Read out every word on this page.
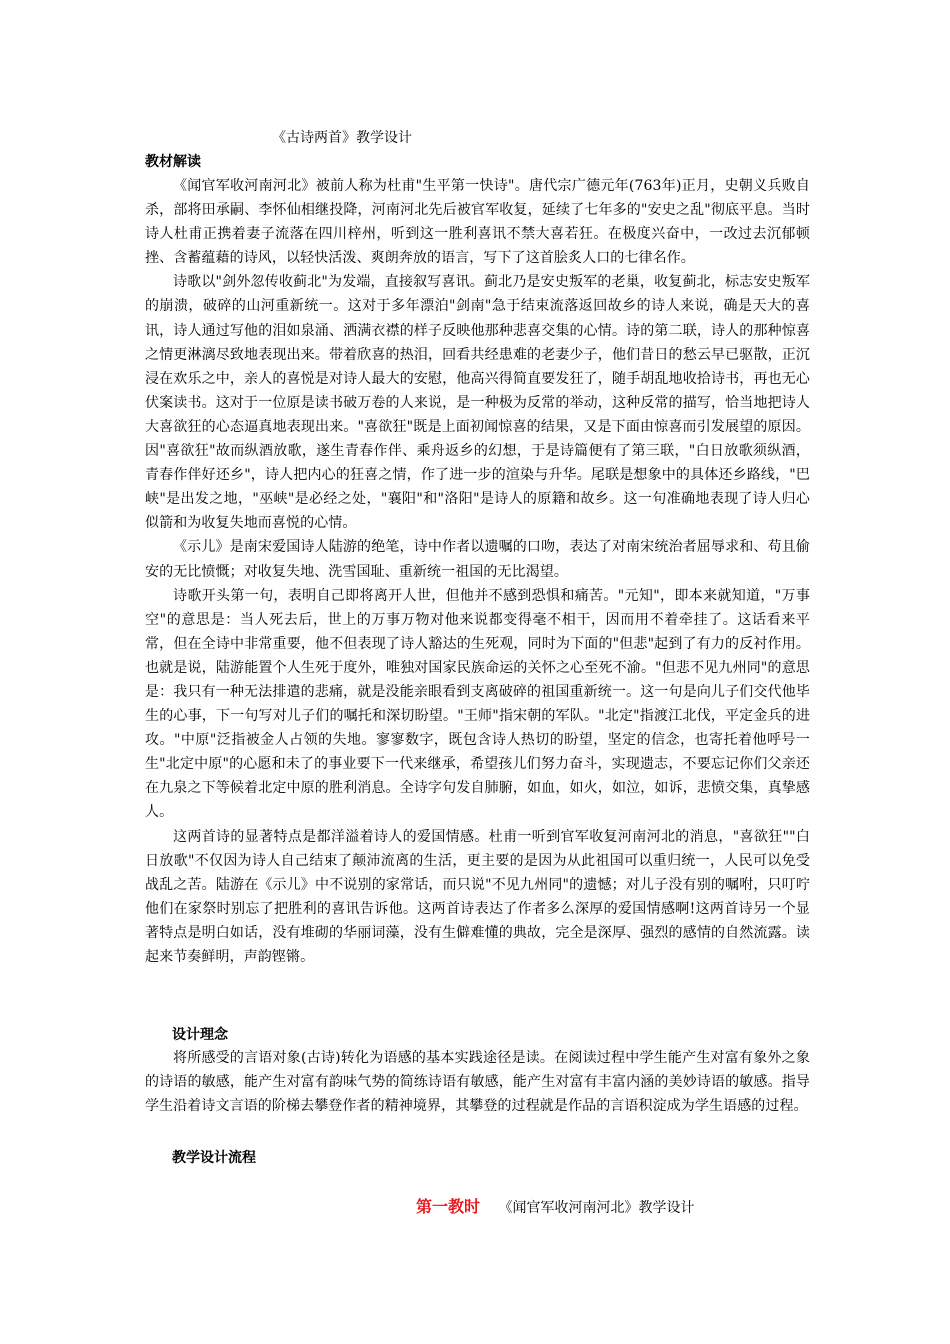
《古诗两首》教学设计
教材解读

《闻官军收河南河北》被前人称为杜甫"生平第一快诗"。唐代宗广德元年(763年)正月，史朝义兵败自杀，部将田承嗣、李怀仙相继投降，河南河北先后被官军收复，延续了七年多的"安史之乱"彻底平息。当时诗人杜甫正携着妻子流落在四川梓州，听到这一胜利喜讯不禁大喜若狂。在极度兴奋中，一改过去沉郁顿挫、含蓄蕴藉的诗风，以轻快活泼、爽朗奔放的语言，写下了这首脍炙人口的七律名作。

诗歌以"剑外忽传收蓟北"为发端，直接叙写喜讯。蓟北乃是安史叛军的老巢，收复蓟北，标志安史叛军的崩溃，破碎的山河重新统一。这对于多年漂泊"剑南"急于结束流落返回故乡的诗人来说，确是天大的喜讯，诗人通过写他的泪如泉涌、洒满衣襟的样子反映他那种悲喜交集的心情。诗的第二联，诗人的那种惊喜之情更淋漓尽致地表现出来。带着欣喜的热泪，回看共经患难的老妻少子，他们昔日的愁云早已驱散，正沉浸在欢乐之中，亲人的喜悦是对诗人最大的安慰，他高兴得简直要发狂了，随手胡乱地收拾诗书，再也无心伏案读书。这对于一位原是读书破万卷的人来说，是一种极为反常的举动，这种反常的描写，恰当地把诗人大喜欲狂的心态逼真地表现出来。"喜欲狂"既是上面初闻惊喜的结果，又是下面由惊喜而引发展望的原因。因"喜欲狂"故而纵酒放歌，遂生青春作伴、乘舟返乡的幻想，于是诗篇便有了第三联，"白日放歌须纵酒，青春作伴好还乡"，诗人把内心的狂喜之情，作了进一步的渲染与升华。尾联是想象中的具体还乡路线，"巴峡"是出发之地，"巫峡"是必经之处，"襄阳"和"洛阳"是诗人的原籍和故乡。这一句准确地表现了诗人归心似箭和为收复失地而喜悦的心情。

《示儿》是南宋爱国诗人陆游的绝笔，诗中作者以遗嘱的口吻，表达了对南宋统治者屈辱求和、苟且偷安的无比愤慨；对收复失地、洗雪国耻、重新统一祖国的无比渴望。

诗歌开头第一句，表明自己即将离开人世，但他并不感到恐惧和痛苦。"元知"，即本来就知道，"万事空"的意思是：当人死去后，世上的万事万物对他来说都变得毫不相干，因而用不着牵挂了。这话看来平常，但在全诗中非常重要，他不但表现了诗人豁达的生死观，同时为下面的"但悲"起到了有力的反衬作用。也就是说，陆游能置个人生死于度外，唯独对国家民族命运的关怀之心至死不渝。"但悲不见九州同"的意思是：我只有一种无法排遣的悲痛，就是没能亲眼看到支离破碎的祖国重新统一。这一句是向儿子们交代他毕生的心事，下一句写对儿子们的嘱托和深切盼望。"王师"指宋朝的军队。"北定"指渡江北伐，平定金兵的进攻。"中原"泛指被金人占领的失地。寥寥数字，既包含诗人热切的盼望，坚定的信念，也寄托着他呼号一生"北定中原"的心愿和未了的事业要下一代来继承，希望孩儿们努力奋斗，实现遗志，不要忘记你们父亲还在九泉之下等候着北定中原的胜利消息。全诗字句发自肺腑，如血，如火，如泣，如诉，悲愤交集，真挚感人。

这两首诗的显著特点是都洋溢着诗人的爱国情感。杜甫一听到官军收复河南河北的消息，"喜欲狂""白日放歌"不仅因为诗人自己结束了颠沛流离的生活，更主要的是因为从此祖国可以重归统一，人民可以免受战乱之苦。陆游在《示儿》中不说别的家常话，而只说"不见九州同"的遗憾；对儿子没有别的嘱咐，只叮咛他们在家祭时别忘了把胜利的喜讯告诉他。这两首诗表达了作者多么深厚的爱国情感啊!这两首诗另一个显著特点是明白如话，没有堆砌的华丽词藻，没有生僻难懂的典故，完全是深厚、强烈的感情的自然流露。读起来节奏鲜明，声韵铿锵。

设计理念

将所感受的言语对象(古诗)转化为语感的基本实践途径是读。在阅读过程中学生能产生对富有象外之象的诗语的敏感，能产生对富有韵味气势的简练诗语有敏感，能产生对富有丰富内涵的美妙诗语的敏感。指导学生沿着诗文言语的阶梯去攀登作者的精神境界，其攀登的过程就是作品的言语积淀成为学生语感的过程。

教学设计流程
第一教时 《闻官军收河南河北》教学设计
